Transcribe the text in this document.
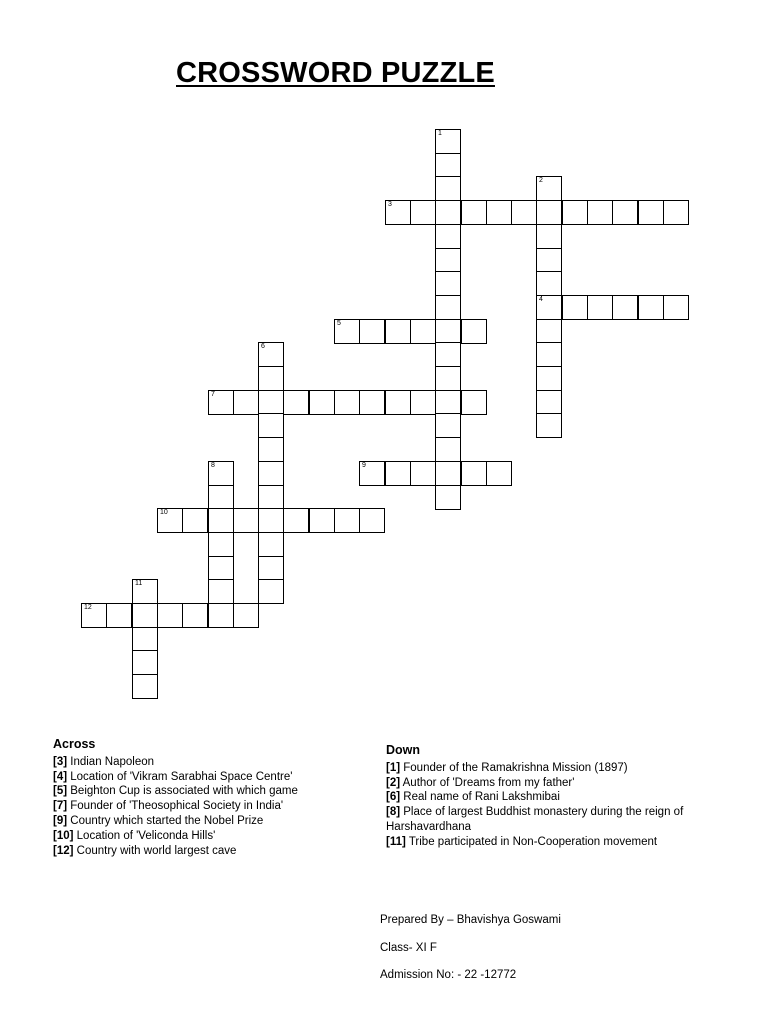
CROSSWORD PUZZLE
1
2
4
3
5
6
7
8	9
10
11
12
Across
[3] Indian Napoleon
[4] Location of 'Vikram Sarabhai Space Centre'
[5] Beighton Cup is associated with which game
[7] Founder of 'Theosophical Society in India'
[9] Country which started the Nobel Prize
[10] Location of 'Veliconda Hills'
[12] Country with world largest cave
Down
[1] Founder of the Ramakrishna Mission (1897)
[2] Author of 'Dreams from my father'
[6] Real name of Rani Lakshmibai
[8] Place of largest Buddhist monastery during the reign of Harshavardhana
[11] Tribe participated in Non-Cooperation movement
Prepared By – Bhavishya Goswami
Class- XI F
Admission No: - 22 -12772
